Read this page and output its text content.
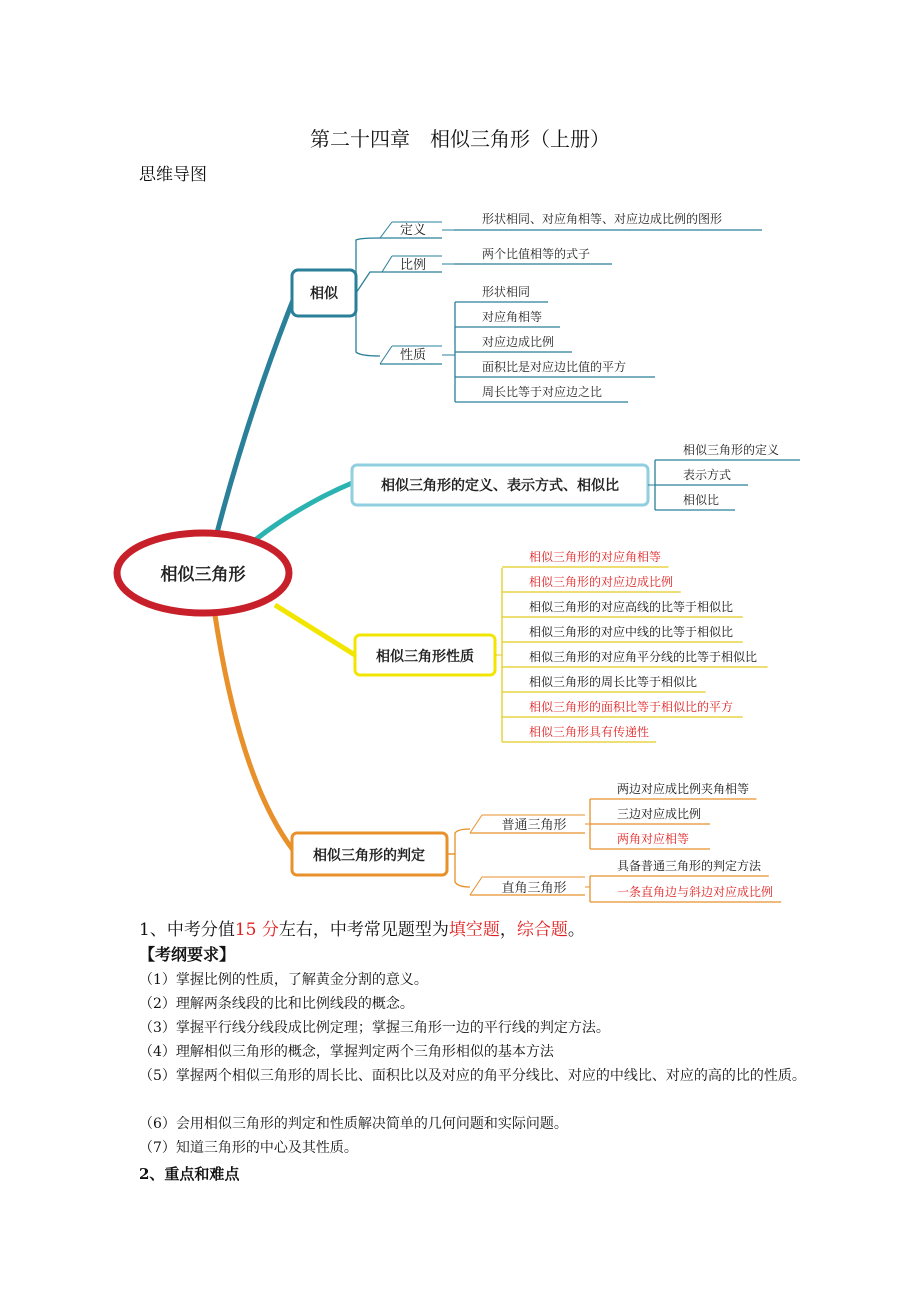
第二十四章　相似三角形（上册）
思维导图
相似三角形
相似
定义
形状相同、对应角相等、对应边成比例的图形
比例
两个比值相等的式子
性质
形状相同
对应角相等
对应边成比例
面积比是对应边比值的平方
周长比等于对应边之比
相似三角形的定义、表示方式、相似比
相似三角形的定义
表示方式
相似比
相似三角形性质
相似三角形的对应角相等
相似三角形的对应边成比例
相似三角形的对应高线的比等于相似比
相似三角形的对应中线的比等于相似比
相似三角形的对应角平分线的比等于相似比
相似三角形的周长比等于相似比
相似三角形的面积比等于相似比的平方
相似三角形具有传递性
相似三角形的判定
普通三角形
两边对应成比例夹角相等
三边对应成比例
两角对应相等
直角三角形
具备普通三角形的判定方法
一条直角边与斜边对应成比例
1、中考分值15 分左右，中考常见题型为填空题，综合题。
【考纲要求】
（1）掌握比例的性质，了解黄金分割的意义。
（2）理解两条线段的比和比例线段的概念。
（3）掌握平行线分线段成比例定理；掌握三角形一边的平行线的判定方法。
（4）理解相似三角形的概念，掌握判定两个三角形相似的基本方法
（5）掌握两个相似三角形的周长比、面积比以及对应的角平分线比、对应的中线比、对应的高的比的性质。
（6）会用相似三角形的判定和性质解决简单的几何问题和实际问题。
（7）知道三角形的中心及其性质。
2、重点和难点
